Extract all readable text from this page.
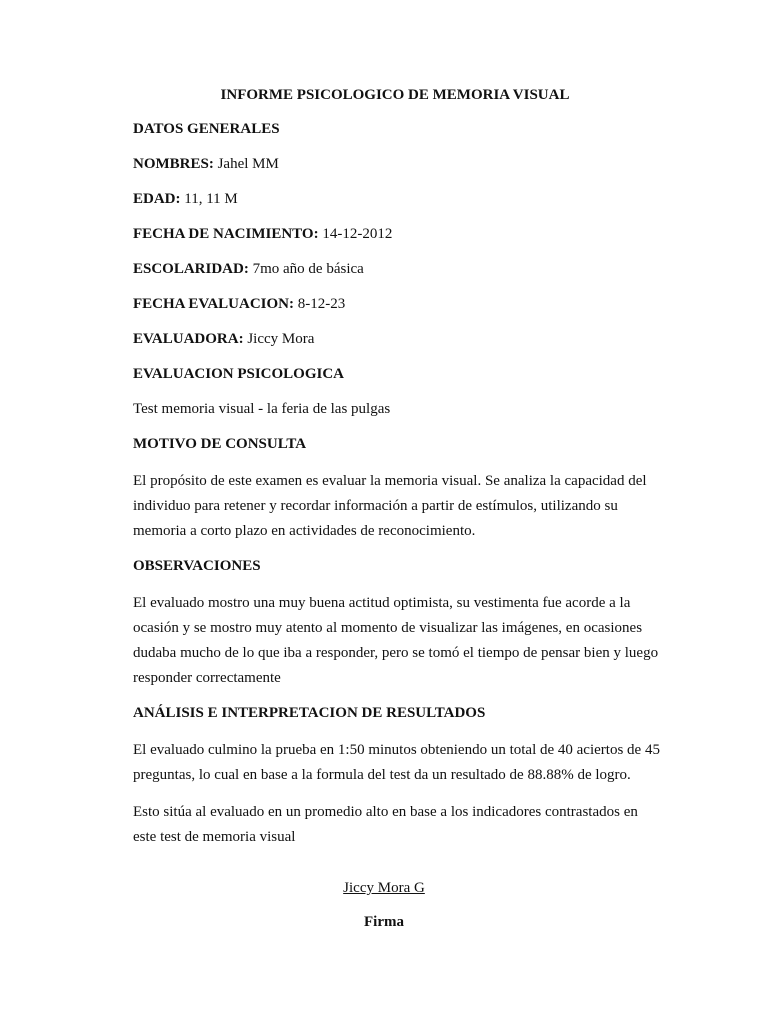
INFORME PSICOLOGICO DE MEMORIA VISUAL
DATOS GENERALES
NOMBRES: Jahel MM
EDAD: 11, 11 M
FECHA DE NACIMIENTO: 14-12-2012
ESCOLARIDAD: 7mo año de básica
FECHA EVALUACION: 8-12-23
EVALUADORA: Jiccy Mora
EVALUACION PSICOLOGICA
Test memoria visual - la feria de las pulgas
MOTIVO DE CONSULTA
El propósito de este examen es evaluar la memoria visual. Se analiza la capacidad del individuo para retener y recordar información a partir de estímulos, utilizando su memoria a corto plazo en actividades de reconocimiento.
OBSERVACIONES
El evaluado mostro una muy buena actitud optimista, su vestimenta fue acorde a la ocasión y se mostro muy atento al momento de visualizar las imágenes, en ocasiones dudaba mucho de lo que iba a responder, pero se tomó el tiempo de pensar bien y luego responder correctamente
ANÁLISIS E INTERPRETACION DE RESULTADOS
El evaluado culmino la prueba en 1:50 minutos obteniendo un total de 40 aciertos de 45 preguntas, lo cual en base a la formula del test da un resultado de 88.88% de logro.
Esto sitúa al evaluado en un promedio alto en base a los indicadores contrastados en este test de memoria visual
Jiccy Mora G
Firma
